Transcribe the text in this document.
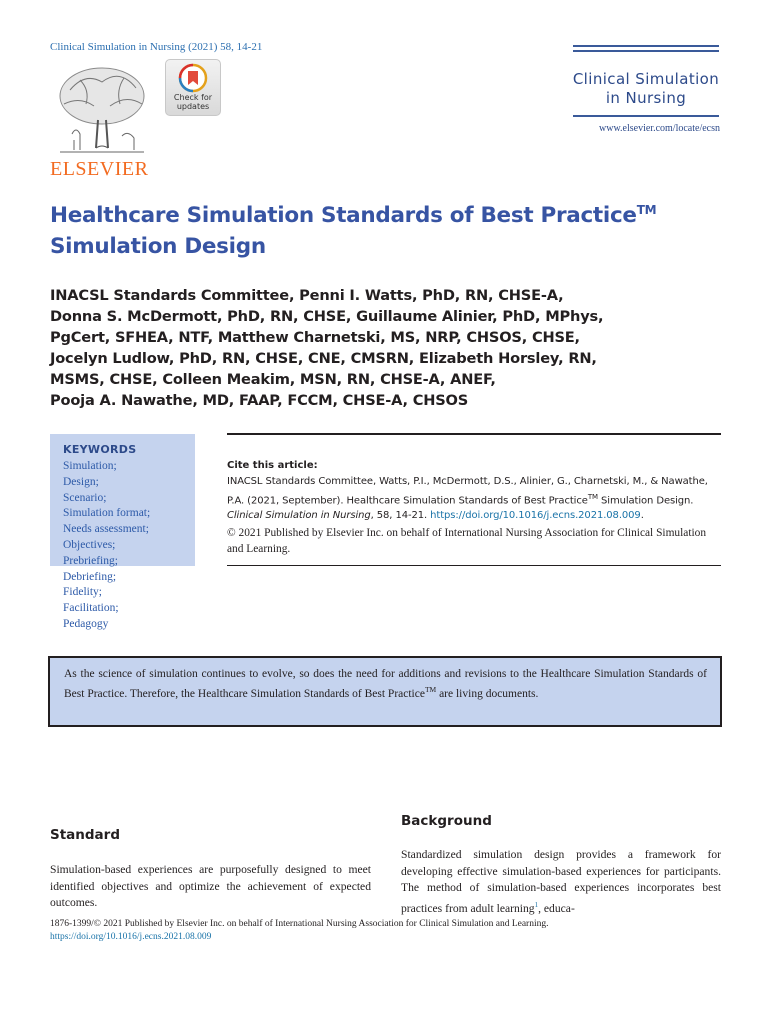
Clinical Simulation in Nursing (2021) 58, 14-21
ELSEVIER
Check for updates
Clinical Simulation
in Nursing
www.elsevier.com/locate/ecsn
Healthcare Simulation Standards of Best Practice™
Simulation Design
INACSL Standards Committee, Penni I. Watts, PhD, RN, CHSE-A,
Donna S. McDermott, PhD, RN, CHSE, Guillaume Alinier, PhD, MPhys,
PgCert, SFHEA, NTF, Matthew Charnetski, MS, NRP, CHSOS, CHSE,
Jocelyn Ludlow, PhD, RN, CHSE, CNE, CMSRN, Elizabeth Horsley, RN,
MSMS, CHSE, Colleen Meakim, MSN, RN, CHSE-A, ANEF,
Pooja A. Nawathe, MD, FAAP, FCCM, CHSE-A, CHSOS
KEYWORDS
Simulation;
Design;
Scenario;
Simulation format;
Needs assessment;
Objectives;
Prebriefing;
Debriefing;
Fidelity;
Facilitation;
Pedagogy
Cite this article:
INACSL Standards Committee, Watts, P.I., McDermott, D.S., Alinier, G., Charnetski, M., & Nawathe, P.A. (2021, September). Healthcare Simulation Standards of Best Practice™ Simulation Design. Clinical Simulation in Nursing, 58, 14-21. https://doi.org/10.1016/j.ecns.2021.08.009.
© 2021 Published by Elsevier Inc. on behalf of International Nursing Association for Clinical Simulation and Learning.
As the science of simulation continues to evolve, so does the need for additions and revisions to the Healthcare Simulation Standards of Best Practice. Therefore, the Healthcare Simulation Standards of Best Practice™ are living documents.
Standard
Simulation-based experiences are purposefully designed to meet identified objectives and optimize the achievement of expected outcomes.
Background
Standardized simulation design provides a framework for developing effective simulation-based experiences for participants. The method of simulation-based experiences incorporates best practices from adult learning$^1$, educa-
1876-1399/© 2021 Published by Elsevier Inc. on behalf of International Nursing Association for Clinical Simulation and Learning.
https://doi.org/10.1016/j.ecns.2021.08.009
